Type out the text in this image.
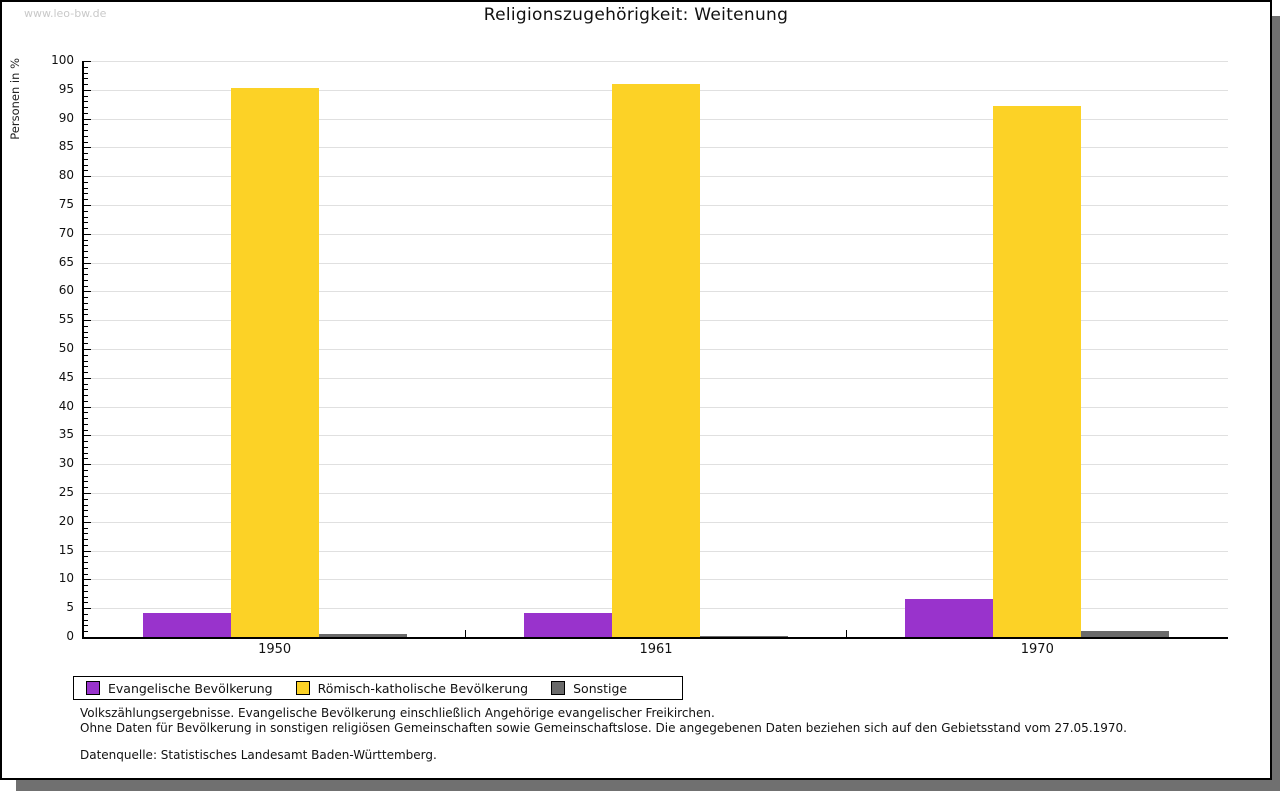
www.leo-bw.de	Religionszugehörigkeit: Weitenung
Personen in %
0
5
10
15
20
25
30
35
40
45
50
55
60
65
70
75
80
85
90
95
100
1950	1961	1970
Evangelische Bevölkerung	Römisch-katholische Bevölkerung	Sonstige
Volkszählungsergebnisse. Evangelische Bevölkerung einschließlich Angehörige evangelischer Freikirchen.
Ohne Daten für Bevölkerung in sonstigen religiösen Gemeinschaften sowie Gemeinschaftslose. Die angegebenen Daten beziehen sich auf den Gebietsstand vom 27.05.1970.
Datenquelle: Statistisches Landesamt Baden-Württemberg.
